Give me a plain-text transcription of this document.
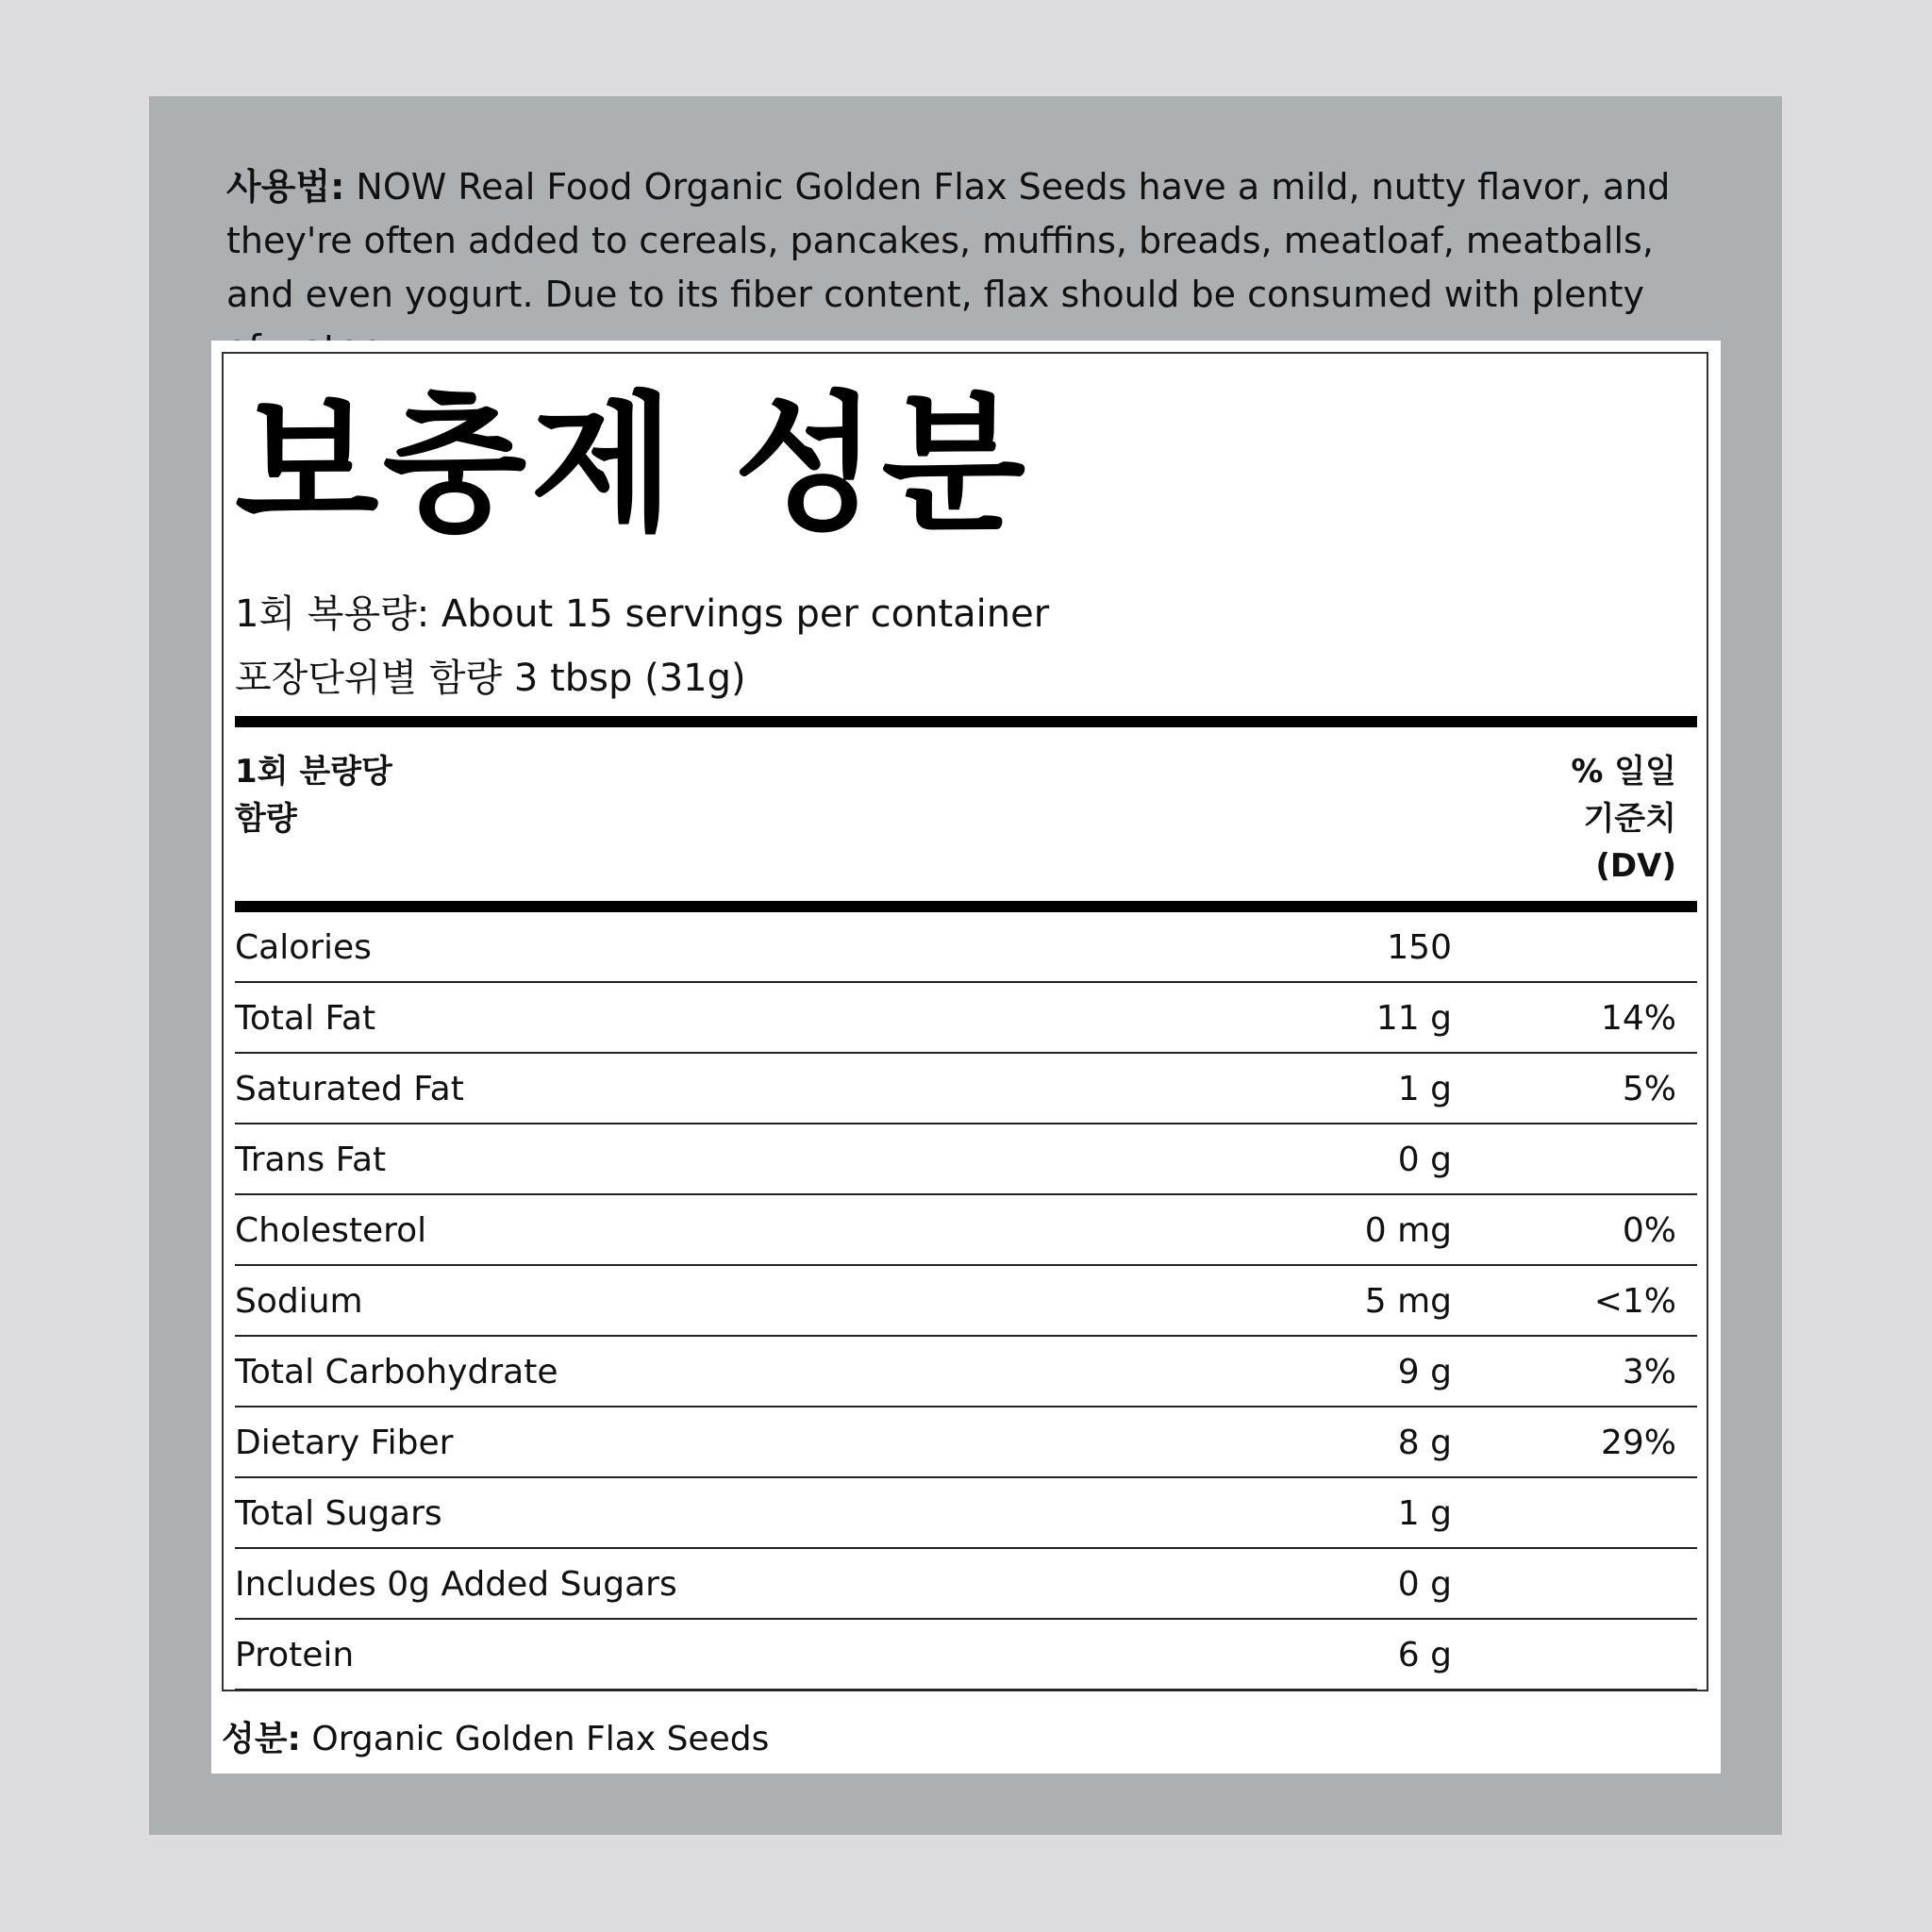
사용법: NOW Real Food Organic Golden Flax Seeds have a mild, nutty flavor, and they're often added to cereals, pancakes, muffins, breads, meatloaf, meatballs, and even yogurt. Due to its fiber content, flax should be consumed with plenty
보충제 성분
1회 복용량: About 15 servings per container
포장단위별 함량 3 tbsp (31g)
1회 분량당
함량
% 일일
기준치
(DV)
Calories	150
Total Fat	11 g	14%
Saturated Fat	1 g	5%
Trans Fat	0 g
Cholesterol	0 mg	0%
Sodium	5 mg	<1%
Total Carbohydrate	9 g	3%
Dietary Fiber	8 g	29%
Total Sugars	1 g
Includes 0g Added Sugars	0 g
Protein	6 g
성분: Organic Golden Flax Seeds
